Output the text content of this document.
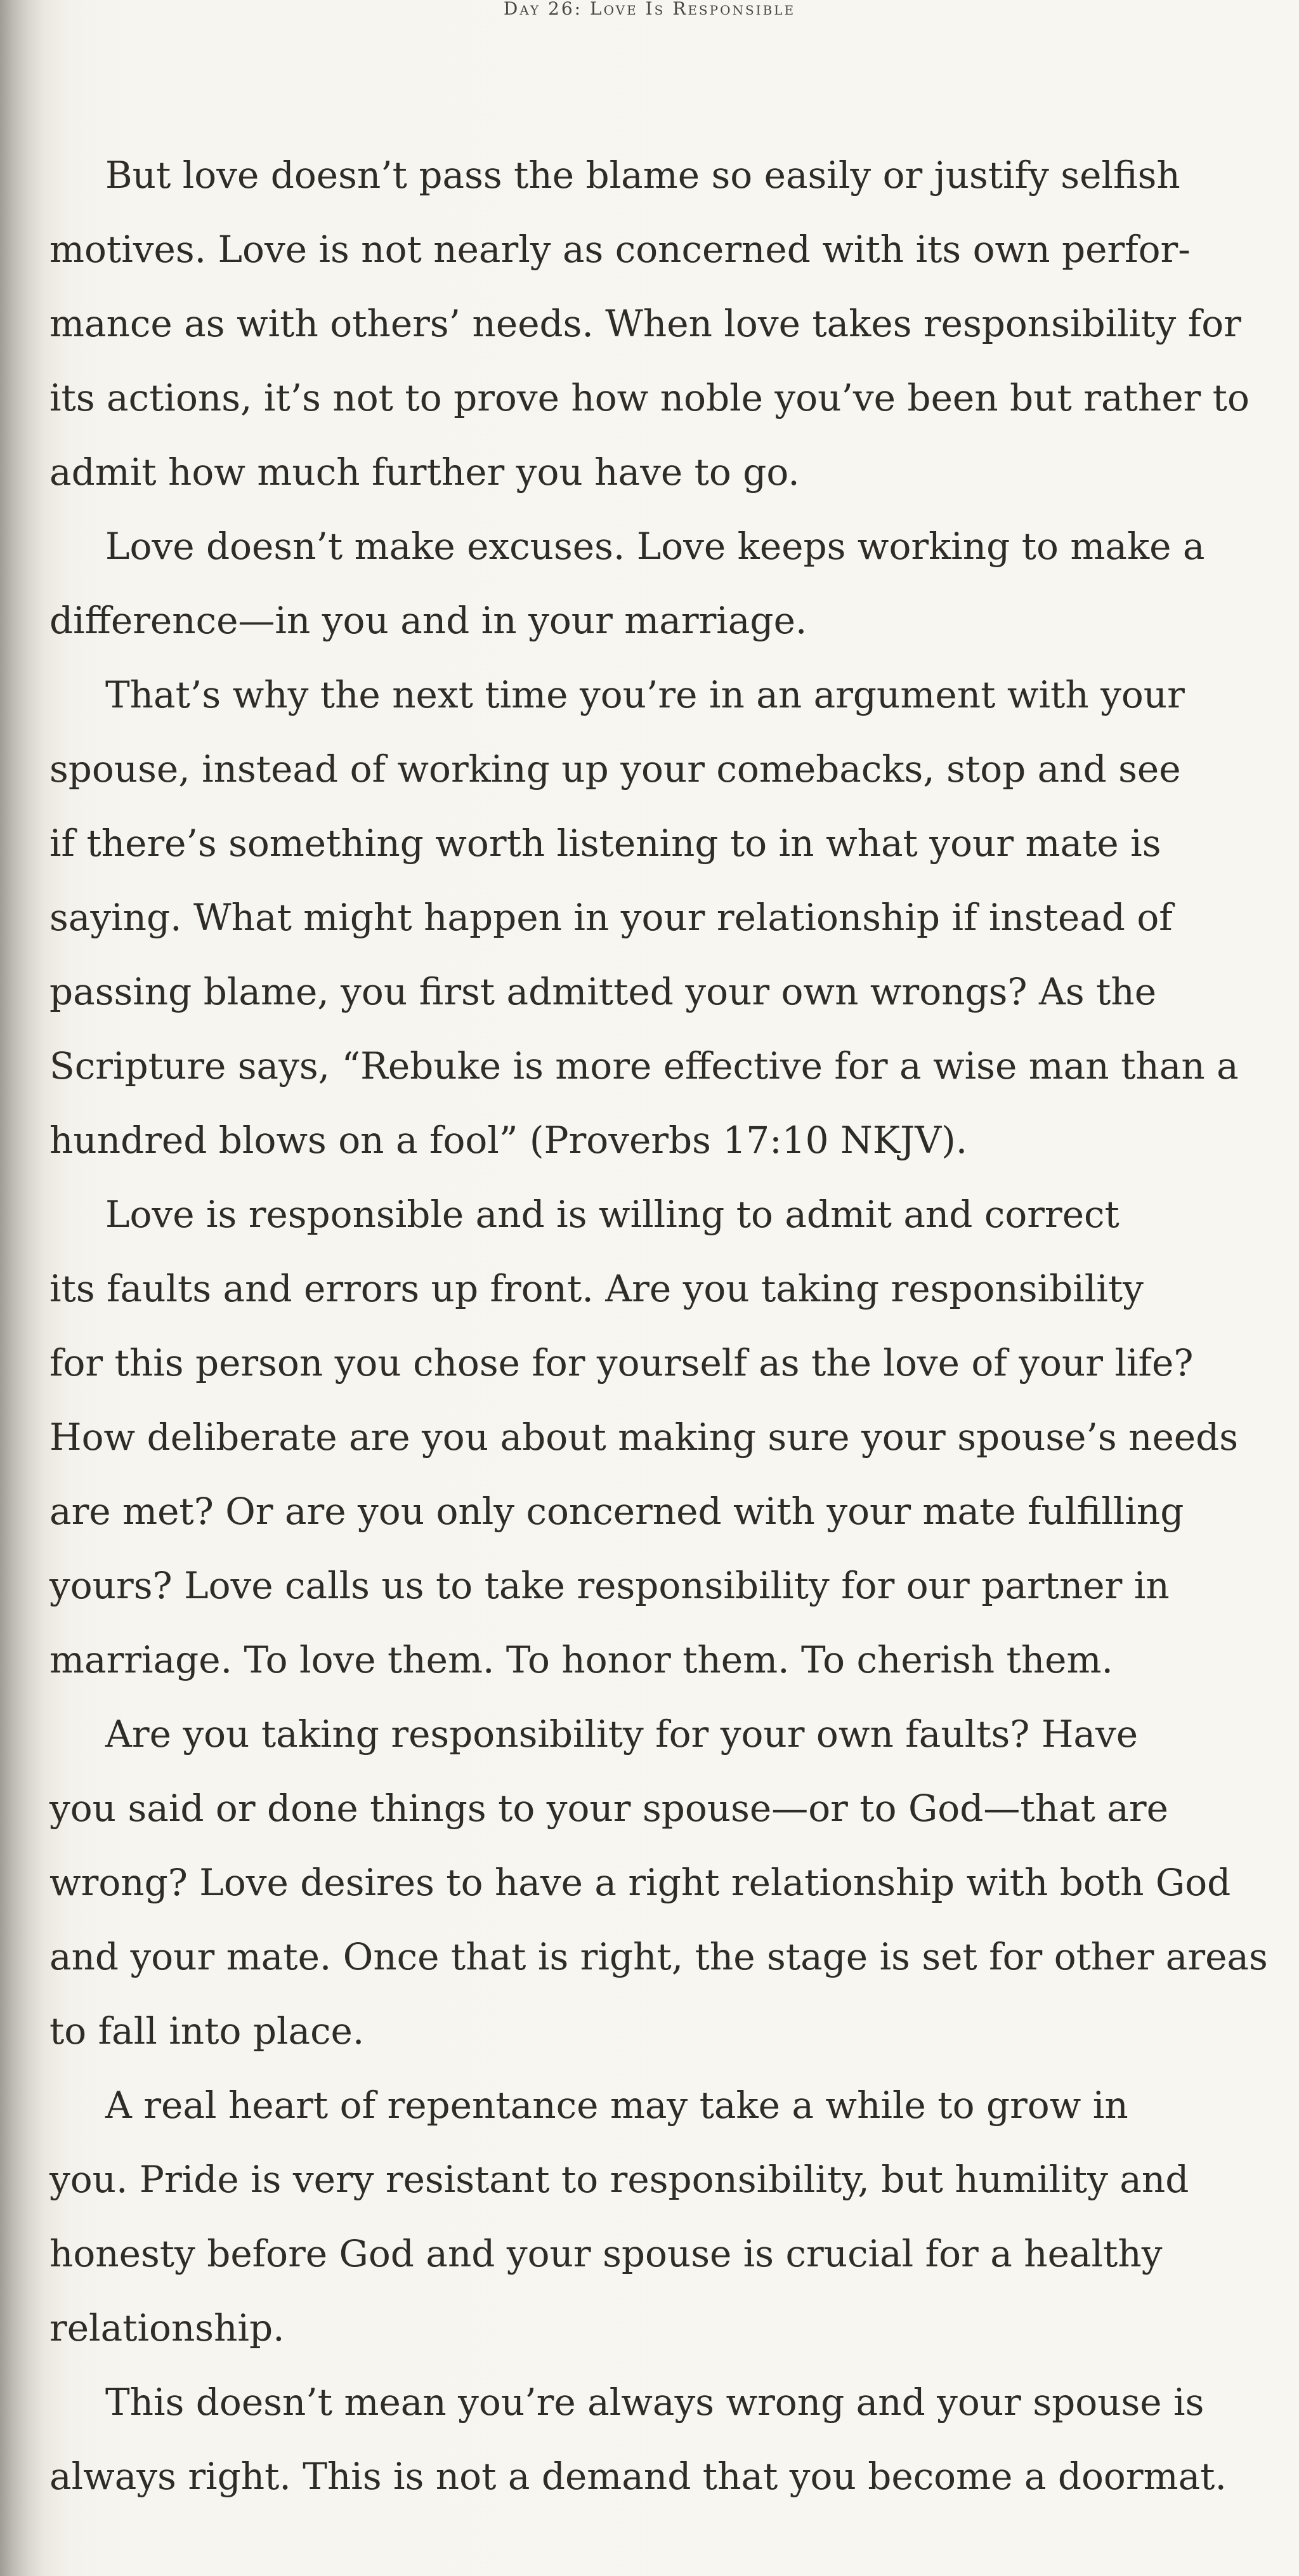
Day 26: Love Is Responsible
But love doesn’t pass the blame so easily or justify selfish
motives. Love is not nearly as concerned with its own perfor-
mance as with others’ needs. When love takes responsibility for
its actions, it’s not to prove how noble you’ve been but rather to
admit how much further you have to go.
Love doesn’t make excuses. Love keeps working to make a
difference—in you and in your marriage.
That’s why the next time you’re in an argument with your
spouse, instead of working up your comebacks, stop and see
if there’s something worth listening to in what your mate is
saying. What might happen in your relationship if instead of
passing blame, you first admitted your own wrongs? As the
Scripture says, “Rebuke is more effective for a wise man than a
hundred blows on a fool” (Proverbs 17:10 NKJV).
Love is responsible and is willing to admit and correct
its faults and errors up front. Are you taking responsibility
for this person you chose for yourself as the love of your life?
How deliberate are you about making sure your spouse’s needs
are met? Or are you only concerned with your mate fulfilling
yours? Love calls us to take responsibility for our partner in
marriage. To love them. To honor them. To cherish them.
Are you taking responsibility for your own faults? Have
you said or done things to your spouse—or to God—that are
wrong? Love desires to have a right relationship with both God
and your mate. Once that is right, the stage is set for other areas
to fall into place.
A real heart of repentance may take a while to grow in
you. Pride is very resistant to responsibility, but humility and
honesty before God and your spouse is crucial for a healthy
relationship.
This doesn’t mean you’re always wrong and your spouse is
always right. This is not a demand that you become a doormat.
